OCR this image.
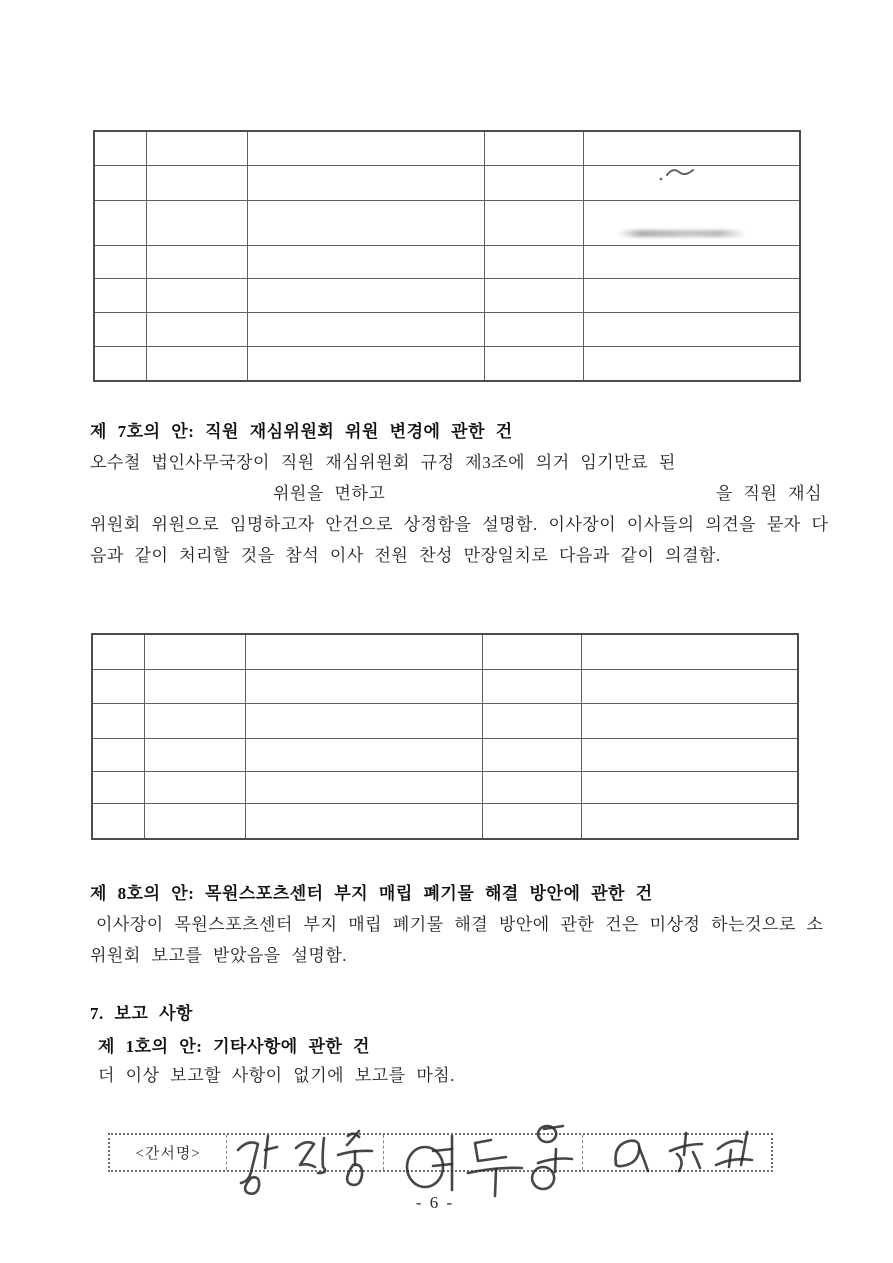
제 7호의 안: 직원 재심위원회 위원 변경에 관한 건
오수철 법인사무국장이 직원 재심위원회 규정 제3조에 의거 임기만료 된
위원을 면하고	을 직원 재심
위원회 위원으로 임명하고자 안건으로 상정함을 설명함. 이사장이 이사들의 의견을 묻자 다
음과 같이 처리할 것을 참석 이사 전원 찬성 만장일치로 다음과 같이 의결함.

제 8호의 안: 목원스포츠센터 부지 매립 폐기물 해결 방안에 관한 건
이사장이 목원스포츠센터 부지 매립 폐기물 해결 방안에 관한 건은 미상정 하는것으로 소
위원회 보고를 받았음을 설명함.
7. 보고 사항
제 1호의 안: 기타사항에 관한 건
더 이상 보고할 사항이 없기에 보고를 마침.
<간서명>
- 6 -
